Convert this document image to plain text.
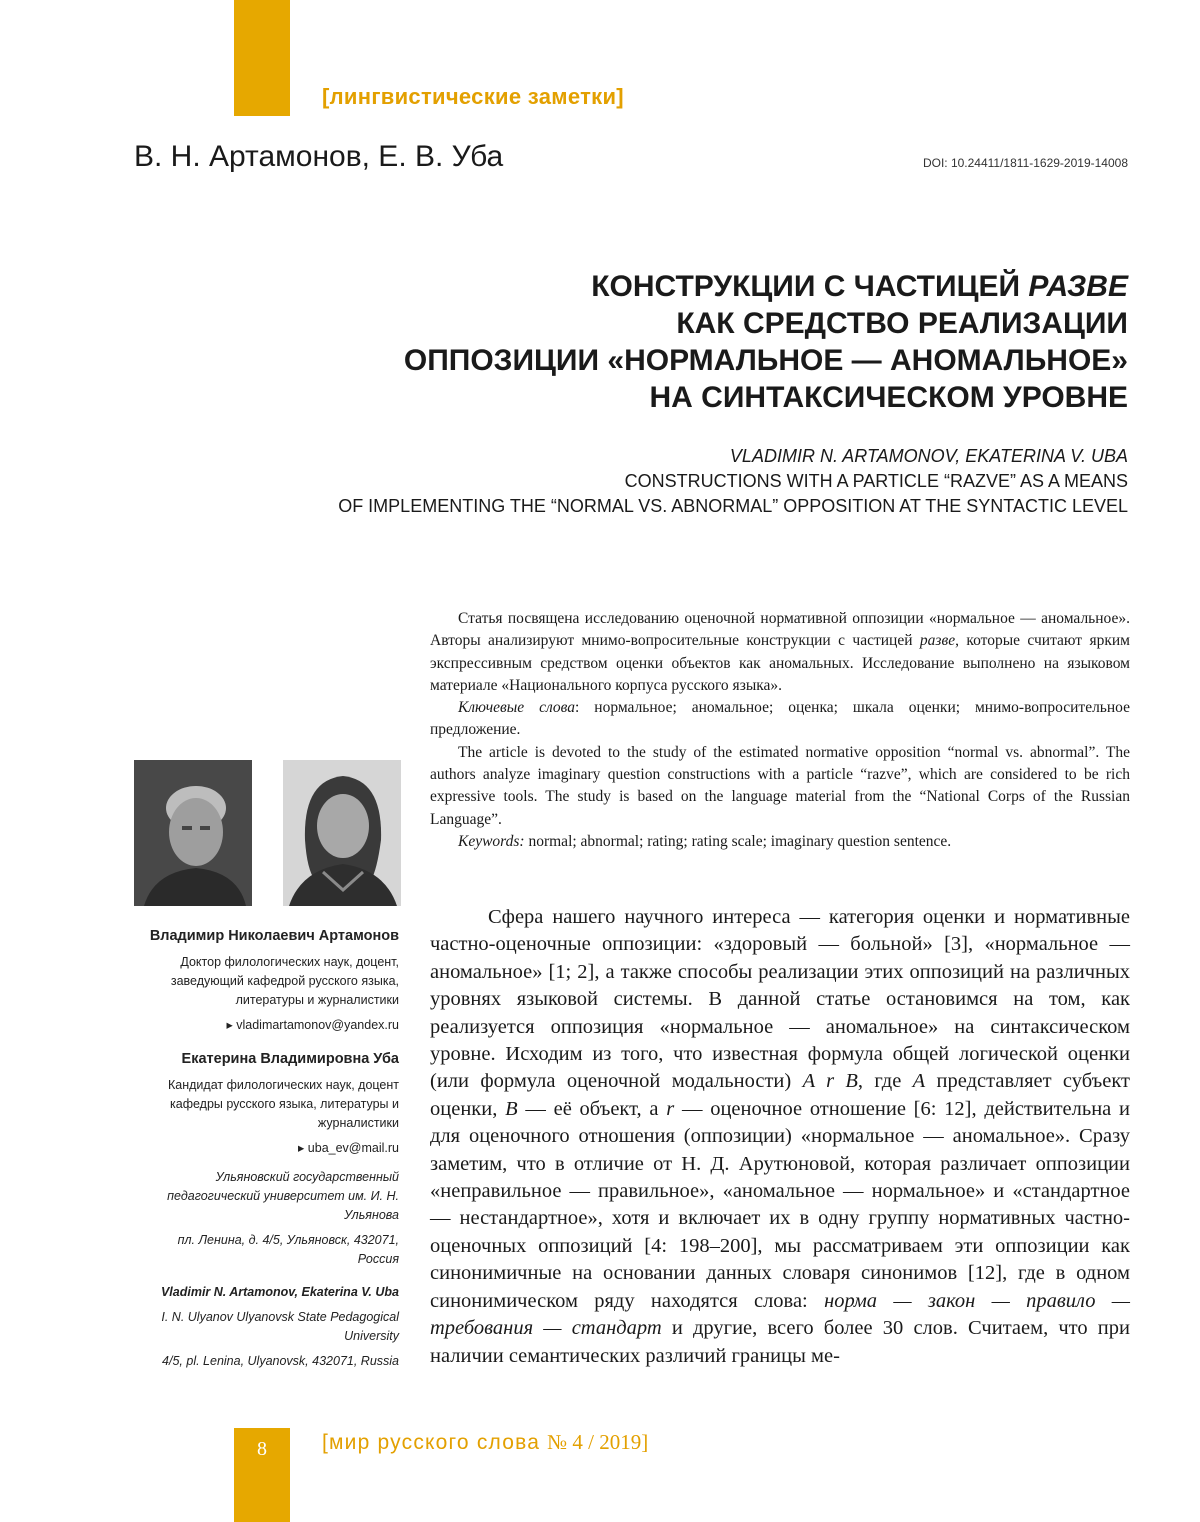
[лингвистические заметки]
В. Н. Артамонов, Е. В. Уба	DOI: 10.24411/1811-1629-2019-14008
КОНСТРУКЦИИ С ЧАСТИЦЕЙ РАЗВЕ
КАК СРЕДСТВО РЕАЛИЗАЦИИ
ОППОЗИЦИИ «НОРМАЛЬНОЕ — АНОМАЛЬНОЕ»
НА СИНТАКСИЧЕСКОМ УРОВНЕ
VLADIMIR N. ARTAMONOV, EKATERINA V. UBA
CONSTRUCTIONS WITH A PARTICLE “RAZVE” AS A MEANS
OF IMPLEMENTING THE “NORMAL VS. ABNORMAL” OPPOSITION AT THE SYNTACTIC LEVEL

Статья посвящена исследованию оценочной нормативной оппозиции «нормальное — аномальное». Авторы анализируют мнимо-вопросительные конструкции с частицей разве, которые считают ярким экспрессивным средством оценки объектов как аномальных. Исследование выполнено на языковом материале «Национального корпуса русского языка».

Ключевые слова: нормальное; аномальное; оценка; шкала оценки; мнимо-вопросительное предложение.

The article is devoted to the study of the estimated normative opposition “normal vs. abnormal”. The authors analyze imaginary question constructions with a particle “razve”, which are considered to be rich expressive tools. The study is based on the language material from the “National Corps of the Russian Language”.

Keywords: normal; abnormal; rating; rating scale; imaginary question sentence.

Владимир Николаевич Артамонов
Доктор филологических наук, доцент, заведующий кафедрой русского языка, литературы и журналистики
▸ vladimartamonov@yandex.ru
Екатерина Владимировна Уба
Кандидат филологических наук, доцент кафедры русского языка, литературы и журналистики
▸ uba_ev@mail.ru
Ульяновский государственный педагогический университет им. И. Н. Ульянова
пл. Ленина, д. 4/5, Ульяновск, 432071, Россия
Vladimir N. Artamonov, Ekaterina V. Uba
I. N. Ulyanov Ulyanovsk State Pedagogical University
4/5, pl. Lenina, Ulyanovsk, 432071, Russia

Сфера нашего научного интереса — категория оценки и нормативные частно-оценочные оппозиции: «здоровый — больной» [3], «нормальное — аномальное» [1; 2], а также способы реализации этих оппозиций на различных уровнях языковой системы. В данной статье остановимся на том, как реализуется оппозиция «нормальное — аномальное» на синтаксическом уровне. Исходим из того, что известная формула общей логической оценки (или формула оценочной модальности) A r B, где A представляет субъект оценки, B — её объект, а r — оценочное отношение [6: 12], действительна и для оценочного отношения (оппозиции) «нормальное — аномальное». Сразу заметим, что в отличие от Н. Д. Арутюновой, которая различает оппозиции «неправильное — правильное», «аномальное — нормальное» и «стандартное — нестандартное», хотя и включает их в одну группу нормативных частно-оценочных оппозиций [4: 198–200], мы рассматриваем эти оппозиции как синонимичные на основании данных словаря синонимов [12], где в одном синонимическом ряду находятся слова: норма — закон — правило — требования — стандарт и другие, всего более 30 слов. Считаем, что при наличии семантических различий границы ме-

8	[мир русского слова № 4 / 2019]
